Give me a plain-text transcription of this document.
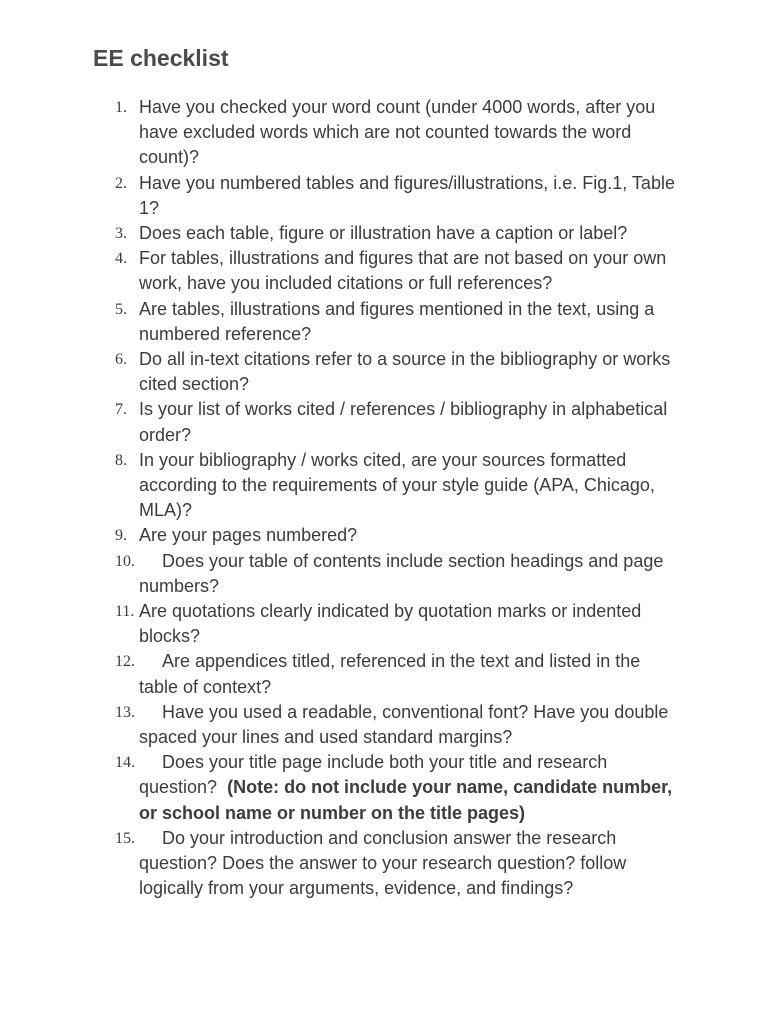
EE checklist
1. Have you checked your word count (under 4000 words, after you have excluded words which are not counted towards the word count)?
2. Have you numbered tables and figures/illustrations, i.e. Fig.1, Table 1?
3. Does each table, figure or illustration have a caption or label?
4. For tables, illustrations and figures that are not based on your own work, have you included citations or full references?
5. Are tables, illustrations and figures mentioned in the text, using a numbered reference?
6. Do all in-text citations refer to a source in the bibliography or works cited section?
7. Is your list of works cited / references / bibliography in alphabetical order?
8. In your bibliography / works cited, are your sources formatted according to the requirements of your style guide (APA, Chicago, MLA)?
9. Are your pages numbered?
10.	Does your table of contents include section headings and page numbers?
11. Are quotations clearly indicated by quotation marks or indented blocks?
12.	Are appendices titled, referenced in the text and listed in the table of context?
13.	Have you used a readable, conventional font? Have you double spaced your lines and used standard margins?
14.	Does your title page include both your title and research question? (Note: do not include your name, candidate number, or school name or number on the title pages)
15.	Do your introduction and conclusion answer the research question? Does the answer to your research question? follow logically from your arguments, evidence, and findings?
